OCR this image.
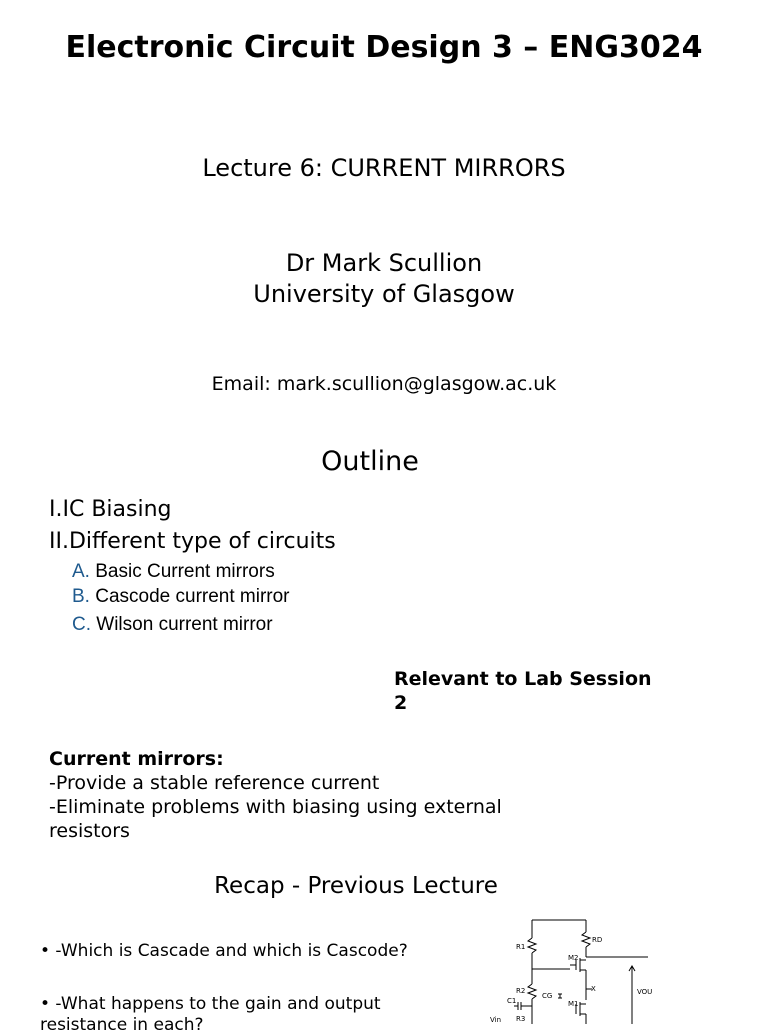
Electronic Circuit Design 3 – ENG3024
Lecture 6: CURRENT MIRRORS
Dr Mark Scullion
University of Glasgow
Email: mark.scullion@glasgow.ac.uk
Outline
I.IC Biasing
II.Different type of circuits
A. Basic Current mirrors
B. Cascode current mirror
C. Wilson current mirror
Relevant to Lab Session 2
Current mirrors:
-Provide a stable reference current
-Eliminate problems with biasing using external resistors
Recap - Previous Lecture
• -Which is Cascade and which is Cascode?
• -What happens to the gain and output resistance in each?
R1
RD
M2
R2
C1
CG
M1
X	VOU
R3
Vin
